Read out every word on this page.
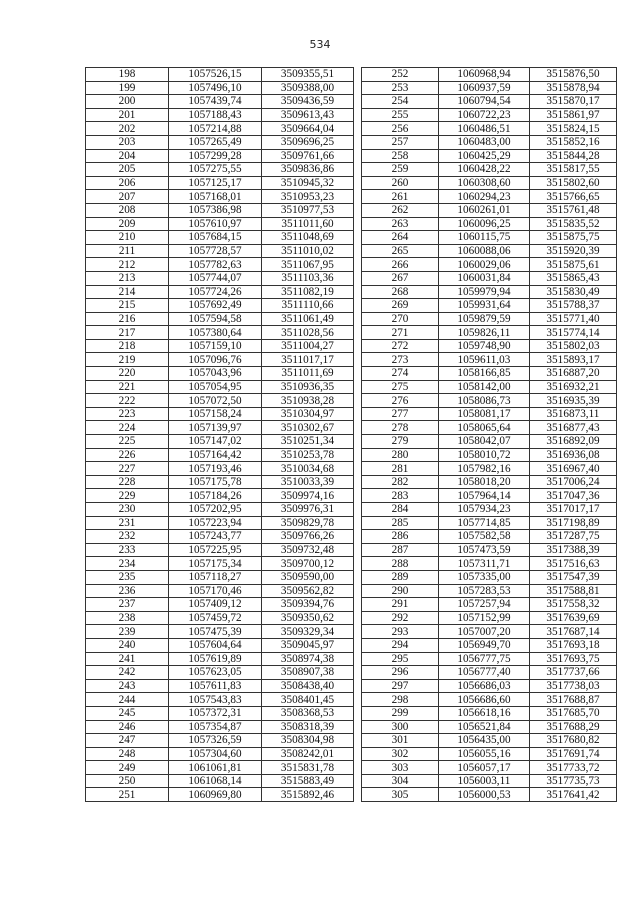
534
198	1057526,15	3509355,51
199	1057496,10	3509388,00
200	1057439,74	3509436,59
201	1057188,43	3509613,43
202	1057214,88	3509664,04
203	1057265,49	3509696,25
204	1057299,28	3509761,66
205	1057275,55	3509836,86
206	1057125,17	3510945,32
207	1057168,01	3510953,23
208	1057386,98	3510977,53
209	1057610,97	3511011,60
210	1057684,15	3511048,69
211	1057728,57	3511010,02
212	1057782,63	3511067,95
213	1057744,07	3511103,36
214	1057724,26	3511082,19
215	1057692,49	3511110,66
216	1057594,58	3511061,49
217	1057380,64	3511028,56
218	1057159,10	3511004,27
219	1057096,76	3511017,17
220	1057043,96	3511011,69
221	1057054,95	3510936,35
222	1057072,50	3510938,28
223	1057158,24	3510304,97
224	1057139,97	3510302,67
225	1057147,02	3510251,34
226	1057164,42	3510253,78
227	1057193,46	3510034,68
228	1057175,78	3510033,39
229	1057184,26	3509974,16
230	1057202,95	3509976,31
231	1057223,94	3509829,78
232	1057243,77	3509766,26
233	1057225,95	3509732,48
234	1057175,34	3509700,12
235	1057118,27	3509590,00
236	1057170,46	3509562,82
237	1057409,12	3509394,76
238	1057459,72	3509350,62
239	1057475,39	3509329,34
240	1057604,64	3509045,97
241	1057619,89	3508974,38
242	1057623,05	3508907,38
243	1057611,83	3508438,40
244	1057543,83	3508401,45
245	1057372,31	3508368,53
246	1057354,87	3508318,39
247	1057326,59	3508304,98
248	1057304,60	3508242,01
249	1061061,81	3515831,78
250	1061068,14	3515883,49
251	1060969,80	3515892,46
252	1060968,94	3515876,50
253	1060937,59	3515878,94
254	1060794,54	3515870,17
255	1060722,23	3515861,97
256	1060486,51	3515824,15
257	1060483,00	3515852,16
258	1060425,29	3515844,28
259	1060428,22	3515817,55
260	1060308,60	3515802,60
261	1060294,23	3515766,65
262	1060261,01	3515761,48
263	1060096,25	3515835,52
264	1060115,75	3515875,75
265	1060088,06	3515920,39
266	1060029,06	3515875,61
267	1060031,84	3515865,43
268	1059979,94	3515830,49
269	1059931,64	3515788,37
270	1059879,59	3515771,40
271	1059826,11	3515774,14
272	1059748,90	3515802,03
273	1059611,03	3515893,17
274	1058166,85	3516887,20
275	1058142,00	3516932,21
276	1058086,73	3516935,39
277	1058081,17	3516873,11
278	1058065,64	3516877,43
279	1058042,07	3516892,09
280	1058010,72	3516936,08
281	1057982,16	3516967,40
282	1058018,20	3517006,24
283	1057964,14	3517047,36
284	1057934,23	3517017,17
285	1057714,85	3517198,89
286	1057582,58	3517287,75
287	1057473,59	3517388,39
288	1057311,71	3517516,63
289	1057335,00	3517547,39
290	1057283,53	3517588,81
291	1057257,94	3517558,32
292	1057152,99	3517639,69
293	1057007,20	3517687,14
294	1056949,70	3517693,18
295	1056777,75	3517693,75
296	1056777,40	3517737,66
297	1056686,03	3517738,03
298	1056686,60	3517688,87
299	1056618,16	3517685,70
300	1056521,84	3517688,29
301	1056435,00	3517680,82
302	1056055,16	3517691,74
303	1056057,17	3517733,72
304	1056003,11	3517735,73
305	1056000,53	3517641,42
